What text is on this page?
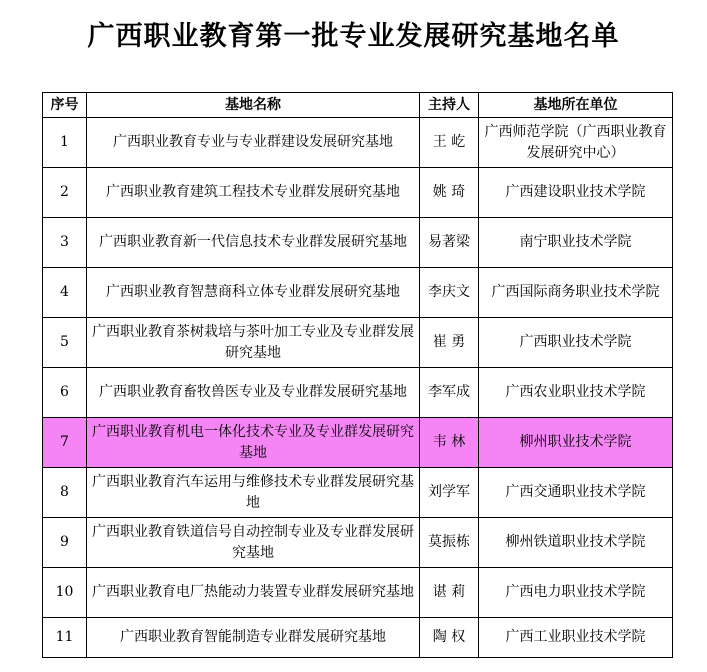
广西职业教育第一批专业发展研究基地名单
序号	基地名称	主持人	基地所在单位
1	广西职业教育专业与专业群建设发展研究基地	王 屹	广西师范学院（广西职业教育发展研究中心）
2	广西职业教育建筑工程技术专业群发展研究基地	姚 琦	广西建设职业技术学院
3	广西职业教育新一代信息技术专业群发展研究基地	易著梁	南宁职业技术学院
4	广西职业教育智慧商科立体专业群发展研究基地	李庆文	广西国际商务职业技术学院
5	广西职业教育茶树栽培与茶叶加工专业及专业群发展研究基地	崔 勇	广西职业技术学院
6	广西职业教育畜牧兽医专业及专业群发展研究基地	李军成	广西农业职业技术学院
7	广西职业教育机电一体化技术专业及专业群发展研究基地	韦 林	柳州职业技术学院
8	广西职业教育汽车运用与维修技术专业群发展研究基地	刘学军	广西交通职业技术学院
9	广西职业教育铁道信号自动控制专业及专业群发展研究基地	莫振栋	柳州铁道职业技术学院
10	广西职业教育电厂热能动力装置专业群发展研究基地	谌 莉	广西电力职业技术学院
11	广西职业教育智能制造专业群发展研究基地	陶 权	广西工业职业技术学院
